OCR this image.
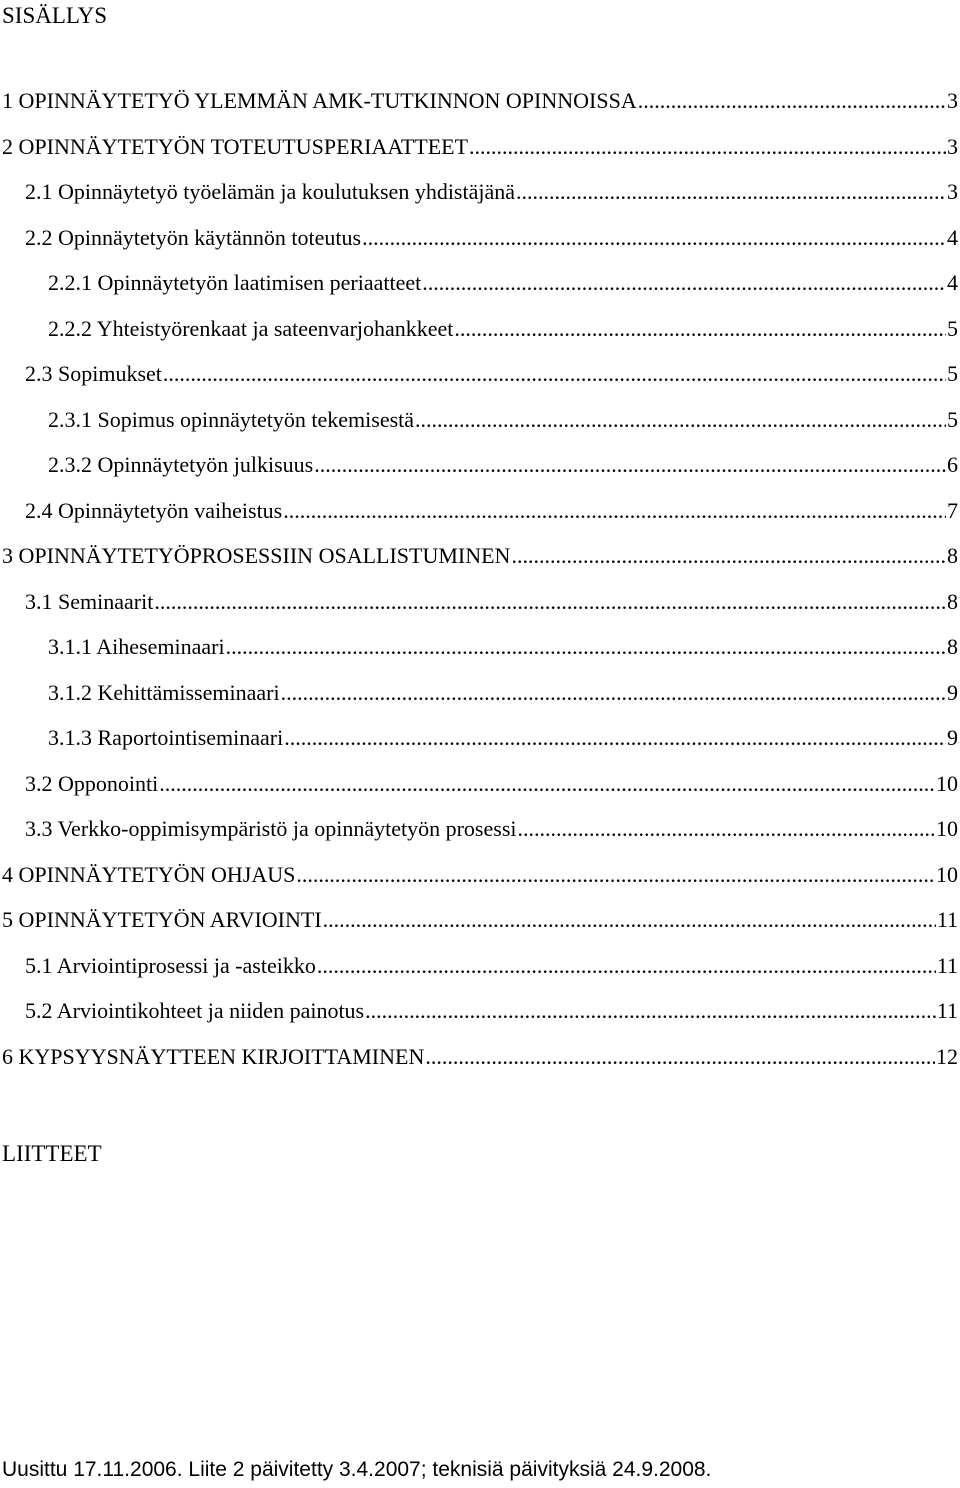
SISÄLLYS
1 OPINNÄYTETYÖ YLEMMÄN AMK-TUTKINNON OPINNOISSA .....	3
2 OPINNÄYTETYÖN TOTEUTUSPERIAATTEET .....	3
2.1 Opinnäytetyö työelämän ja koulutuksen yhdistäjänä .....	3
2.2 Opinnäytetyön käytännön toteutus .....	4
2.2.1 Opinnäytetyön laatimisen periaatteet .....	4
2.2.2 Yhteistyörenkaat ja sateenvarjohankkeet .....	5
2.3 Sopimukset .....	5
2.3.1 Sopimus opinnäytetyön tekemisestä .....	5
2.3.2 Opinnäytetyön julkisuus .....	6
2.4 Opinnäytetyön vaiheistus .....	7
3 OPINNÄYTETYÖPROSESSIIN OSALLISTUMINEN .....	8
3.1 Seminaarit .....	8
3.1.1 Aiheseminaari .....	8
3.1.2 Kehittämisseminaari .....	9
3.1.3 Raportointiseminaari .....	9
3.2 Opponointi .....	10
3.3 Verkko-oppimisympäristö ja opinnäytetyön prosessi .....	10
4 OPINNÄYTETYÖN OHJAUS .....	10
5 OPINNÄYTETYÖN ARVIOINTI .....	11
5.1 Arviointiprosessi ja -asteikko .....	11
5.2 Arviointikohteet ja niiden painotus .....	11
6 KYPSYYSNÄYTTEEN KIRJOITTAMINEN .....	12
LIITTEET
Uusittu 17.11.2006. Liite 2 päivitetty 3.4.2007; teknisiä päivityksiä 24.9.2008.
